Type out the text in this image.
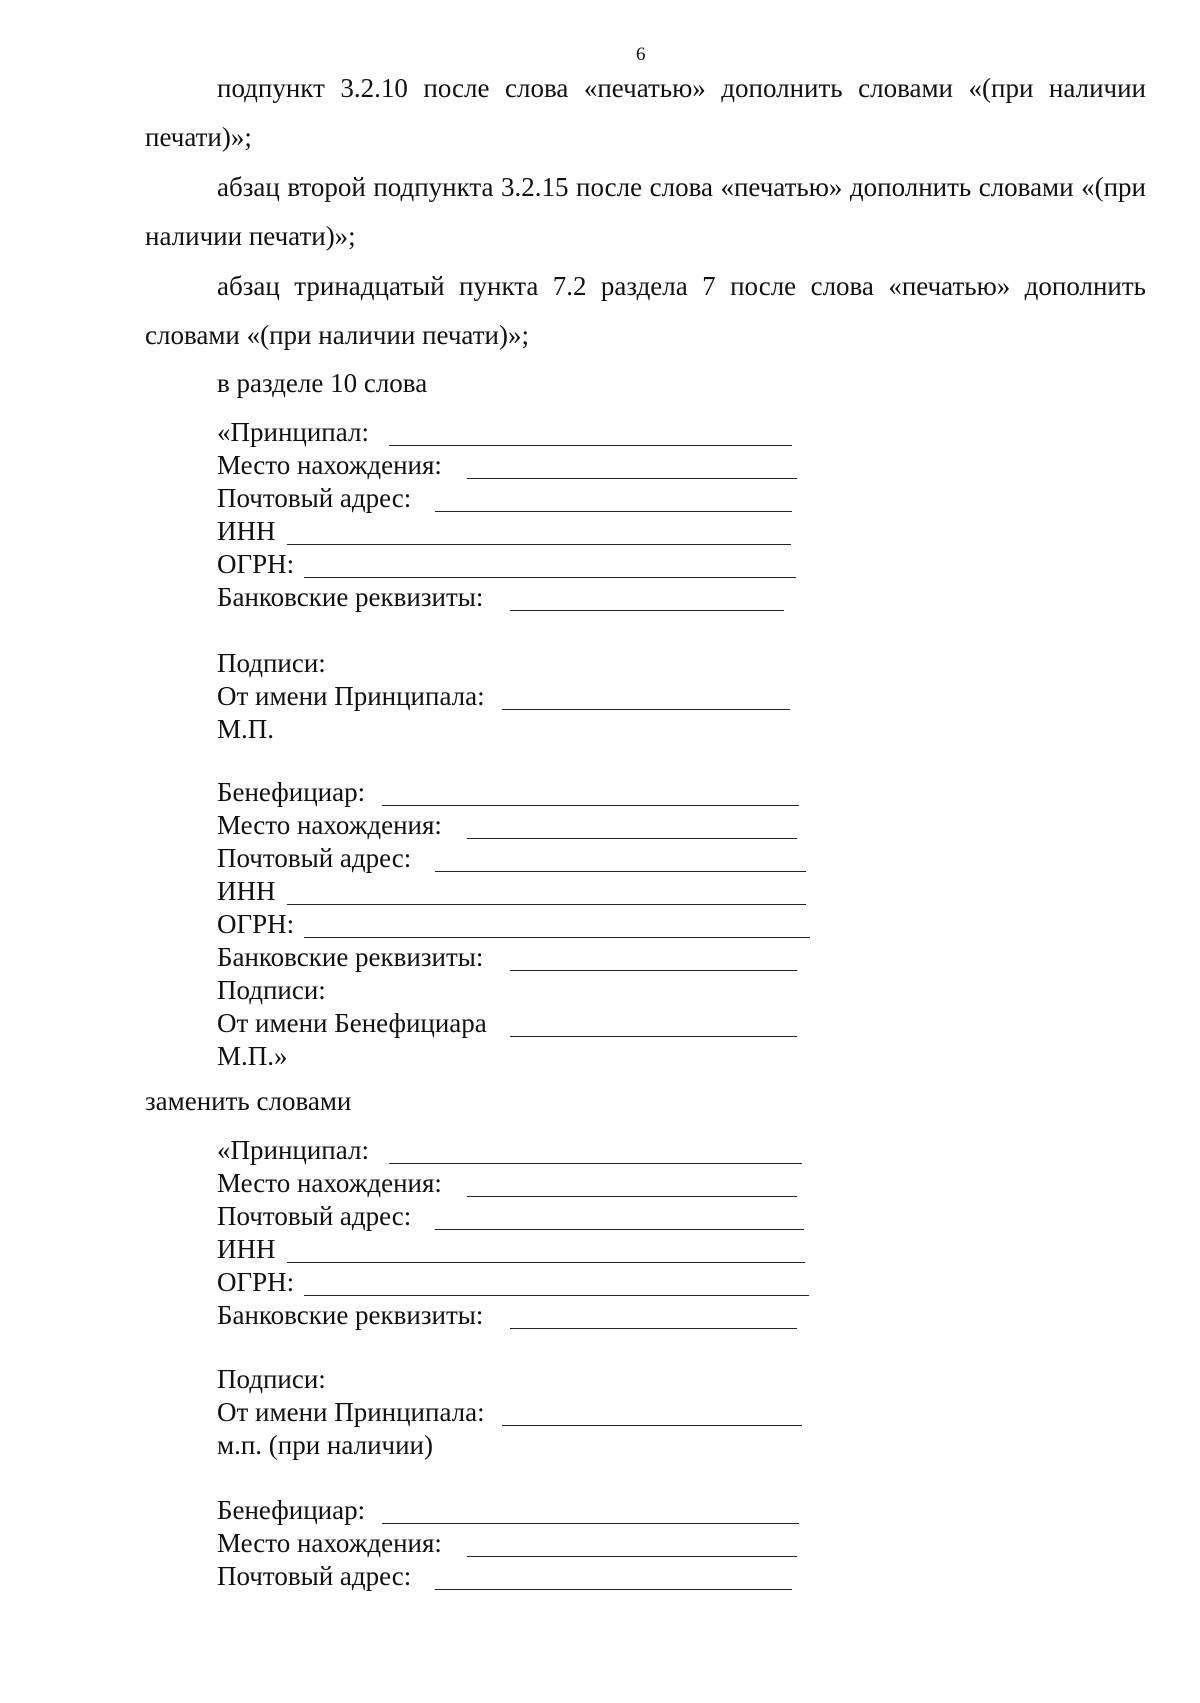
6

подпункт 3.2.10 после слова «печатью» дополнить словами «(при наличии печати)»;

абзац второй подпункта 3.2.15 после слова «печатью» дополнить словами «(при наличии печати)»;

абзац тринадцатый пункта 7.2 раздела 7 после слова «печатью» дополнить словами «(при наличии печати)»;

в разделе 10 слова
«Принципал:
Место нахождения:
Почтовый адрес:
ИНН
ОГРН:
Банковские реквизиты:
Подписи:
От имени Принципала:
М.П.
Бенефициар:
Место нахождения:
Почтовый адрес:
ИНН
ОГРН:
Банковские реквизиты:
Подписи:
От имени Бенефициара
М.П.»
заменить словами
«Принципал:
Место нахождения:
Почтовый адрес:
ИНН
ОГРН:
Банковские реквизиты:
Подписи:
От имени Принципала:
м.п. (при наличии)
Бенефициар:
Место нахождения:
Почтовый адрес:
